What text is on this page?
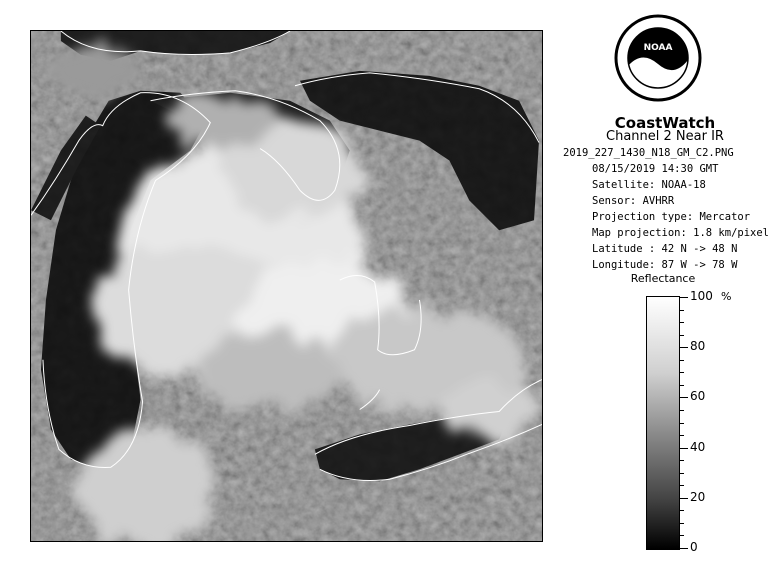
NOAA
CoastWatch
Channel 2 Near IR
2019_227_1430_N18_GM_C2.PNG
08/15/2019 14:30 GMT
Satellite: NOAA-18
Sensor: AVHRR
Projection type: Mercator
Map projection: 1.8 km/pixel
Latitude : 42 N -> 48 N
Longitude: 87 W -> 78 W
Reflectance
%
100
80
60
40
20
0
